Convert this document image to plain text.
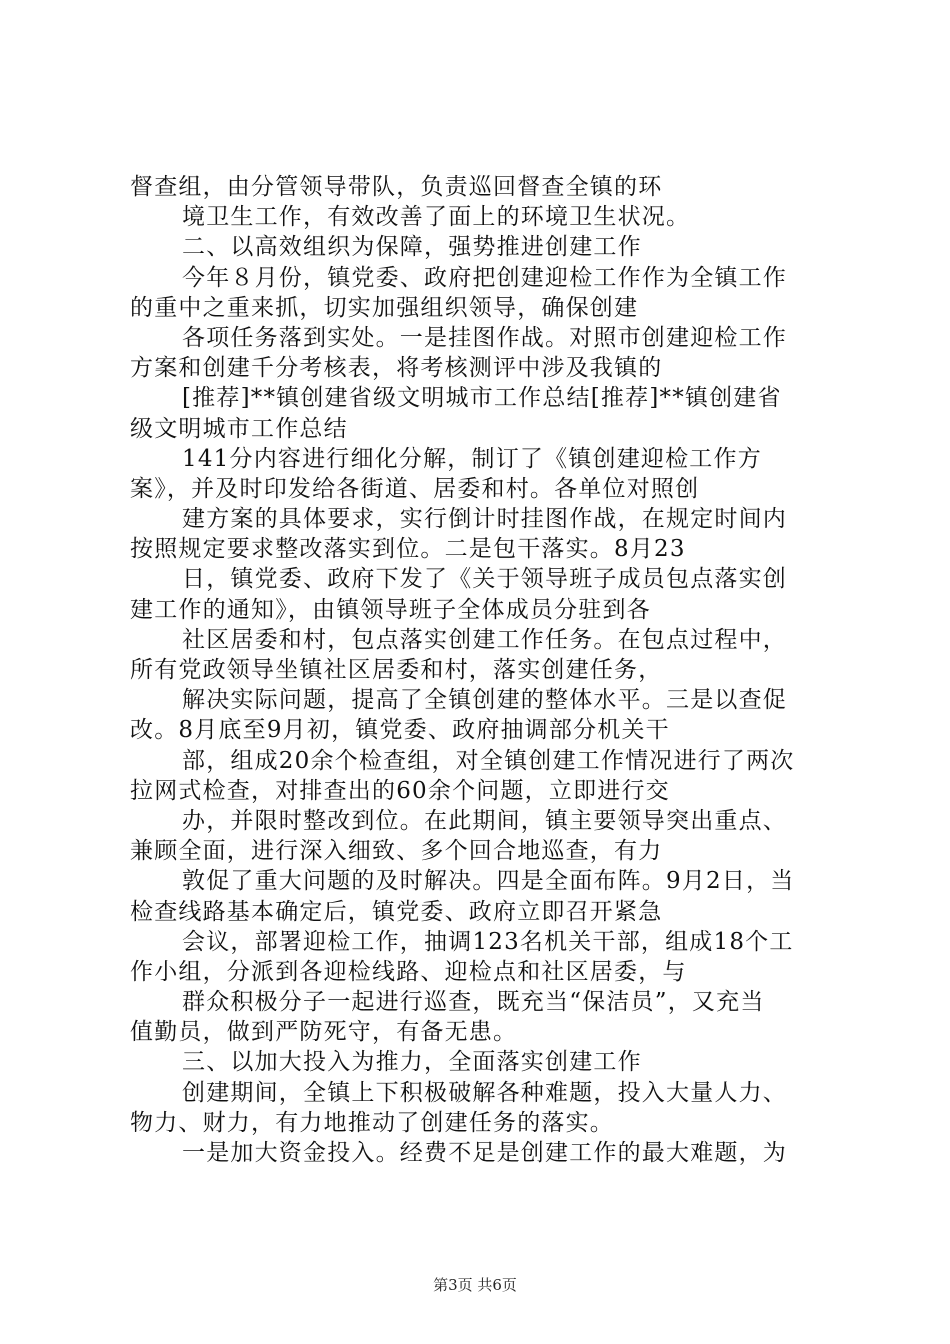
督查组，由分管领导带队，负责巡回督查全镇的环
境卫生工作，有效改善了面上的环境卫生状况。
二、以高效组织为保障，强势推进创建工作
今年８月份，镇党委、政府把创建迎检工作作为全镇工作
的重中之重来抓，切实加强组织领导，确保创建
各项任务落到实处。一是挂图作战。对照市创建迎检工作
方案和创建千分考核表，将考核测评中涉及我镇的
[推荐]**镇创建省级文明城市工作总结[推荐]**镇创建省
级文明城市工作总结
141分内容进行细化分解，制订了《镇创建迎检工作方
案》，并及时印发给各街道、居委和村。各单位对照创
建方案的具体要求，实行倒计时挂图作战，在规定时间内
按照规定要求整改落实到位。二是包干落实。8月23
日，镇党委、政府下发了《关于领导班子成员包点落实创
建工作的通知》，由镇领导班子全体成员分驻到各
社区居委和村，包点落实创建工作任务。在包点过程中，
所有党政领导坐镇社区居委和村，落实创建任务，
解决实际问题，提高了全镇创建的整体水平。三是以查促
改。8月底至9月初，镇党委、政府抽调部分机关干
部，组成20余个检查组，对全镇创建工作情况进行了两次
拉网式检查，对排查出的60余个问题，立即进行交
办，并限时整改到位。在此期间，镇主要领导突出重点、
兼顾全面，进行深入细致、多个回合地巡查，有力
敦促了重大问题的及时解决。四是全面布阵。9月2日，当
检查线路基本确定后，镇党委、政府立即召开紧急
会议，部署迎检工作，抽调123名机关干部，组成18个工
作小组，分派到各迎检线路、迎检点和社区居委，与
群众积极分子一起进行巡查，既充当“保洁员”，又充当
值勤员，做到严防死守，有备无患。
三、以加大投入为推力，全面落实创建工作
创建期间，全镇上下积极破解各种难题，投入大量人力、
物力、财力，有力地推动了创建任务的落实。
一是加大资金投入。经费不足是创建工作的最大难题，为
第3页 共6页
